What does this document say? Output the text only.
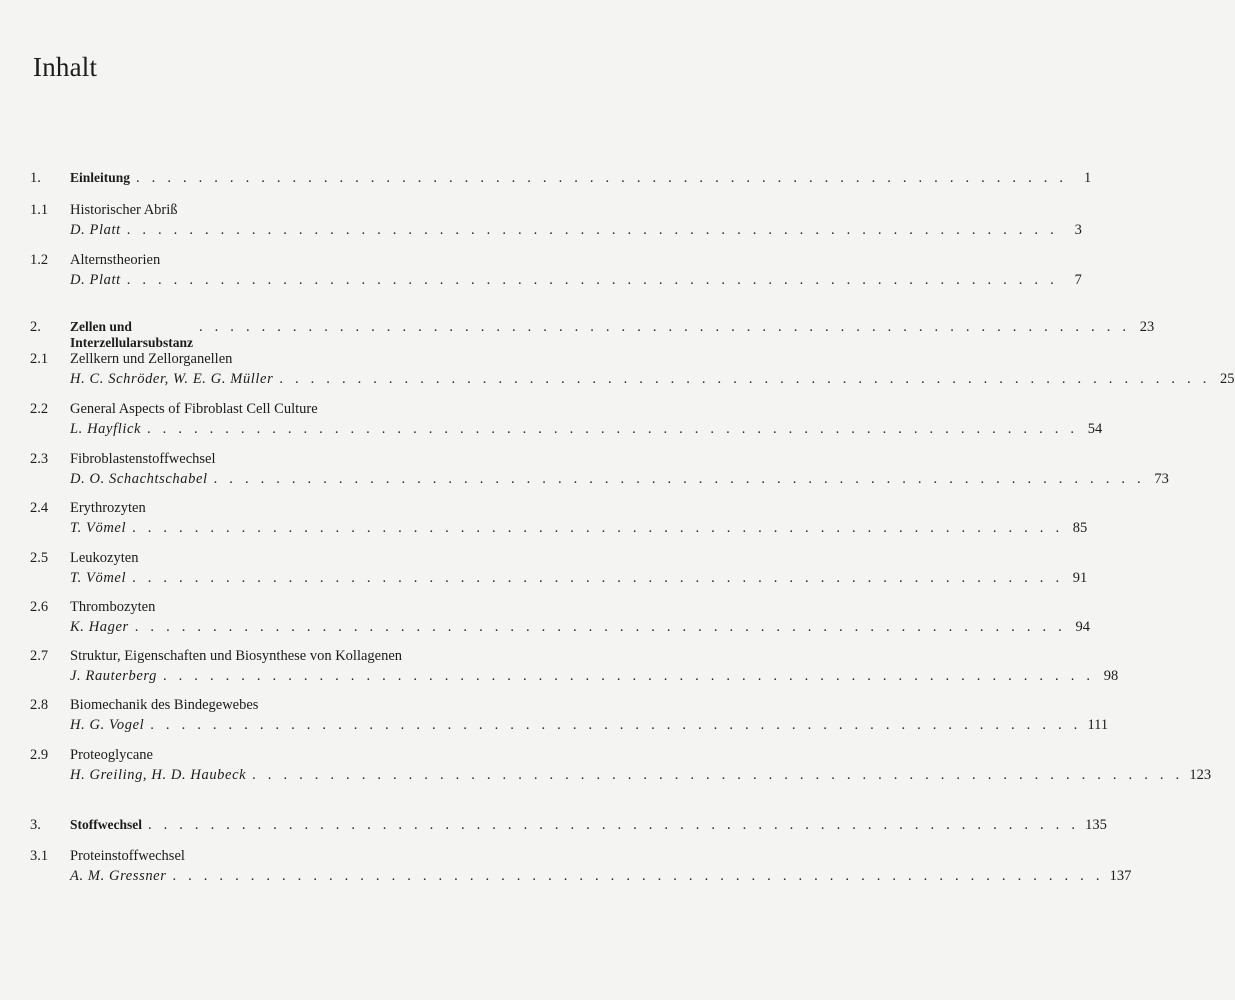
Inhalt
1.	Einleitung . . . . . . . . . . . . . . . . . . . . . . . . . . . . . . . . . . . . . . . . . . . . . . . . . . . . . . . . . . . .	1
1.1	Historischer Abriß
D. Platt . . . . . . . . . . . . . . . . . . . . . . . . . . . . . . . . . . . . . . . . . . . . . . . . . . . . . . . . . . . .	3
1.2	Alternstheorien
D. Platt . . . . . . . . . . . . . . . . . . . . . . . . . . . . . . . . . . . . . . . . . . . . . . . . . . . . . . . . . . . .	7
2.	Zellen und Interzellularsubstanz
. . . . . . . . . . . . . . . . . . . . . . . . . . . . . . . . . . . . . . . . . . . . . . . . . . . . . . . . . . . . 23
2.1	Zellkern und Zellorganellen
H. C. Schröder, W. E. G. Müller . . . . . . . . . . . . . . . . . . . . . . . . . . . . . . . . . . . . . . . . . . . . . . . . . . . . . . . . . . . . 25
2.2	General Aspects of Fibroblast Cell Culture
L. Hayflick . . . . . . . . . . . . . . . . . . . . . . . . . . . . . . . . . . . . . . . . . . . . . . . . . . . . . . . . . . . . 54
2.3	Fibroblastenstoffwechsel
D. O. Schachtschabel . . . . . . . . . . . . . . . . . . . . . . . . . . . . . . . . . . . . . . . . . . . . . . . . . . . . . . . . . . . . 73
2.4	Erythrozyten
T. Vömel . . . . . . . . . . . . . . . . . . . . . . . . . . . . . . . . . . . . . . . . . . . . . . . . . . . . . . . . . . . . 85
2.5	Leukozyten
T. Vömel . . . . . . . . . . . . . . . . . . . . . . . . . . . . . . . . . . . . . . . . . . . . . . . . . . . . . . . . . . . . 91
2.6	Thrombozyten
K. Hager . . . . . . . . . . . . . . . . . . . . . . . . . . . . . . . . . . . . . . . . . . . . . . . . . . . . . . . . . . . . 94
2.7	Struktur, Eigenschaften und Biosynthese von Kollagenen
J. Rauterberg . . . . . . . . . . . . . . . . . . . . . . . . . . . . . . . . . . . . . . . . . . . . . . . . . . . . . . . . . . . . 98
2.8	Biomechanik des Bindegewebes
H. G. Vogel . . . . . . . . . . . . . . . . . . . . . . . . . . . . . . . . . . . . . . . . . . . . . . . . . . . . . . . . . . . . 111
2.9	Proteoglycane
H. Greiling, H. D. Haubeck . . . . . . . . . . . . . . . . . . . . . . . . . . . . . . . . . . . . . . . . . . . . . . . . . . . . . . . . . . . . 123
3.	Stoffwechsel . . . . . . . . . . . . . . . . . . . . . . . . . . . . . . . . . . . . . . . . . . . . . . . . . . . . . . . . . . . . 135
3.1	Proteinstoffwechsel
A. M. Gressner . . . . . . . . . . . . . . . . . . . . . . . . . . . . . . . . . . . . . . . . . . . . . . . . . . . . . . . . . . . . 137
